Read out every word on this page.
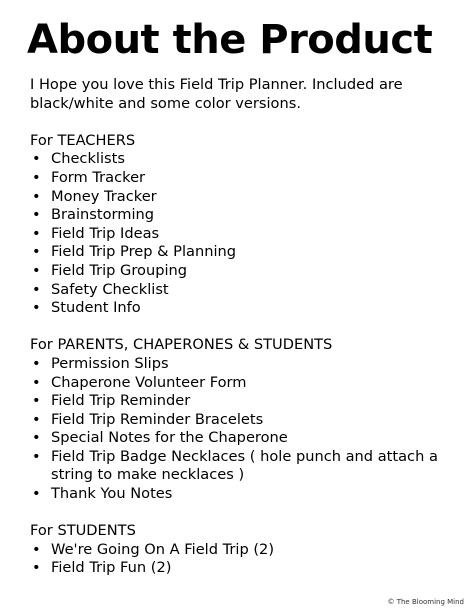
About the Product

I Hope you love this Field Trip Planner. Included are black/white and some color versions.

For TEACHERS

• Checklists
• Form Tracker
• Money Tracker
• Brainstorming
• Field Trip Ideas
• Field Trip Prep & Planning
• Field Trip Grouping
• Safety Checklist
• Student Info

For PARENTS, CHAPERONES & STUDENTS

• Permission Slips
• Chaperone Volunteer Form
• Field Trip Reminder
• Field Trip Reminder Bracelets
• Special Notes for the Chaperone
• Field Trip Badge Necklaces ( hole punch and attach a string to make necklaces )
• Thank You Notes

For STUDENTS

• We're Going On A Field Trip (2)
• Field Trip Fun (2)
© The Blooming Mind
